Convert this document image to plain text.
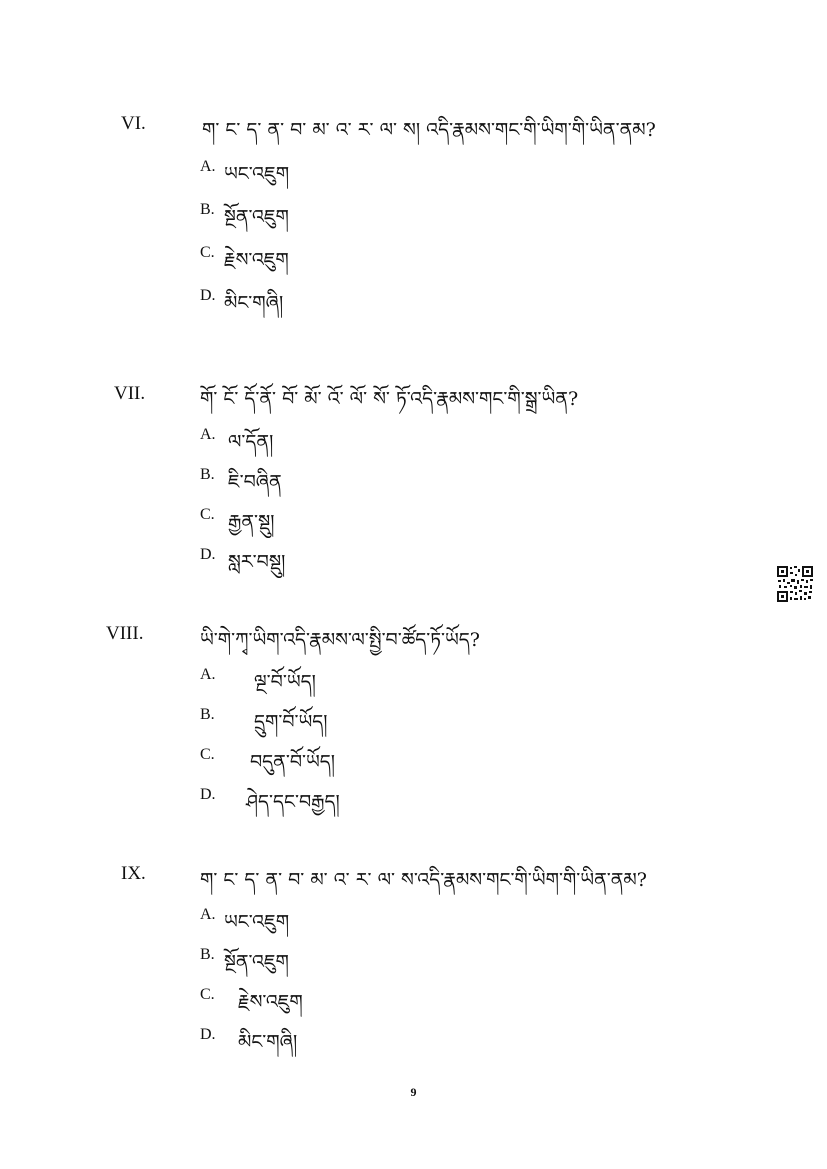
VI.	ག་ ང་ ད་ ན་ བ་ མ་ འ་ ར་ ལ་ ས། འདི་རྣམས་གང་གི་ཡིག་གི་ཡིན་ནམ?
A. ཡང་འཇུག
B. སྔོན་འཇུག
C. རྗེས་འཇུག
D. མིང་གཞི།
VII.	གོ་ ངོ་ དོ་ནོ་ བོ་ མོ་ འོ་ ལོ་ སོ་ ཏོ་འདི་རྣམས་གང་གི་སྒྲ་ཡིན?
A. ལ་དོན།
B. ཇི་བཞིན
C. རྒྱན་སྡུ།
D. སླར་བསྡུ།
VIII.	ཡི་གེ་ཀྭ་ཡིག་འདི་རྣམས་ལ་སྤྱི་བ་ཚོད་ཏོ་ཡོད?
A. ལྔ་བོ་ཡོད།
B. དྲུག་བོ་ཡོད།
C. བདུན་བོ་ཡོད།
D. ཤེད་དང་བརྒྱད།
IX.	ག་ ང་ ད་ ན་ བ་ མ་ འ་ ར་ ལ་ ས་འདི་རྣམས་གང་གི་ཡིག་གི་ཡིན་ནམ?
A. ཡང་འཇུག
B. སྔོན་འཇུག
C. རྗེས་འཇུག
D. མིང་གཞི།
9
